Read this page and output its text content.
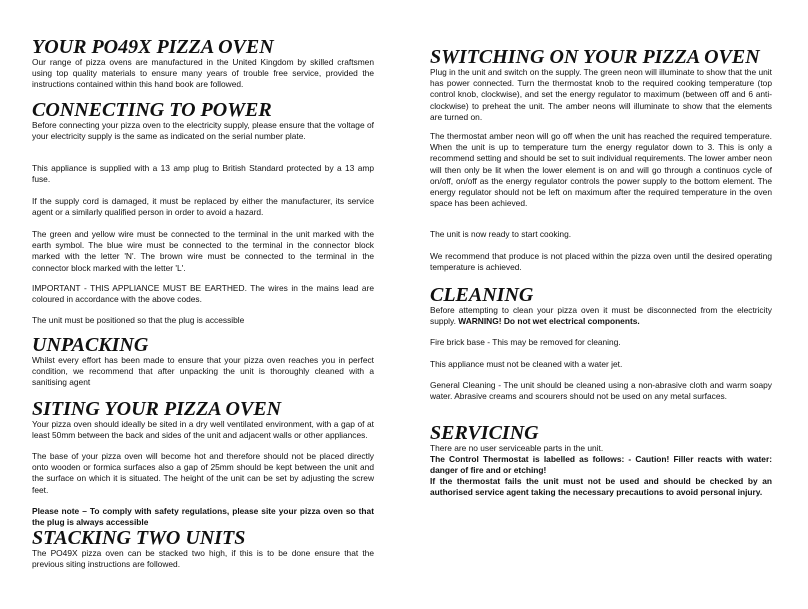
YOUR PO49X PIZZA OVEN

Our range of pizza ovens are manufactured in the United Kingdom by skilled craftsmen using top quality materials to ensure many years of trouble free service, provided the instructions contained within this hand book are followed.

CONNECTING TO POWER

Before connecting your pizza oven to the electricity supply, please ensure that the voltage of your electricity supply is the same as indicated on the serial number plate.

This appliance is supplied with a 13 amp plug to British Standard protected by a 13 amp fuse.

If the supply cord is damaged, it must be replaced by either the manufacturer, its service agent or a similarly qualified person in order to avoid a hazard.

The green and yellow wire must be connected to the terminal in the unit marked with the earth symbol. The blue wire must be connected to the terminal in the connector block marked with the letter 'N'. The brown wire must be connected to the terminal in the connector block marked with the letter 'L'.

IMPORTANT - THIS APPLIANCE MUST BE EARTHED. The wires in the mains lead are coloured in accordance with the above codes.

The unit must be positioned so that the plug is accessible

UNPACKING

Whilst every effort has been made to ensure that your pizza oven reaches you in perfect condition, we recommend that after unpacking the unit is thoroughly cleaned with a sanitising agent

SITING YOUR PIZZA OVEN

Your pizza oven should ideally be sited in a dry well ventilated environment, with a gap of at least 50mm between the back and sides of the unit and adjacent walls or other appliances.

The base of your pizza oven will become hot and therefore should not be placed directly onto wooden or formica surfaces also a gap of 25mm should be kept between the unit and the surface on which it is situated. The height of the unit can be set by adjusting the screw feet.

Please note – To comply with safety regulations, please site your pizza oven so that the plug is always accessible

STACKING TWO UNITS

The PO49X pizza oven can be stacked two high, if this is to be done ensure that the previous siting instructions are followed.

SWITCHING ON YOUR PIZZA OVEN

Plug in the unit and switch on the supply. The green neon will illuminate to show that the unit has power connected. Turn the thermostat knob to the required cooking temperature (top control knob, clockwise), and set the energy regulator to maximum (between off and 6 anti-clockwise) to preheat the unit. The amber neons will illuminate to show that the elements are turned on.

The thermostat amber neon will go off when the unit has reached the required temperature. When the unit is up to temperature turn the energy regulator down to 3. This is only a recommend setting and should be set to suit individual requirements. The lower amber neon will then only be lit when the lower element is on and will go through a continuos cycle of on/off, on/off as the energy regulator controls the power supply to the bottom element. The energy regulator should not be left on maximum after the required temperature in the oven space has been achieved.

The unit is now ready to start cooking.

We recommend that produce is not placed within the pizza oven until the desired operating temperature is achieved.

CLEANING

Before attempting to clean your pizza oven it must be disconnected from the electricity supply. WARNING! Do not wet electrical components.

Fire brick base - This may be removed for cleaning.

This appliance must not be cleaned with a water jet.

General Cleaning - The unit should be cleaned using a non-abrasive cloth and warm soapy water. Abrasive creams and scourers should not be used on any metal surfaces.

SERVICING

There are no user serviceable parts in the unit.

The Control Thermostat is labelled as follows: - Caution! Filler reacts with water: danger of fire and or etching!

If the thermostat fails the unit must not be used and should be checked by an authorised service agent taking the necessary precautions to avoid personal injury.
